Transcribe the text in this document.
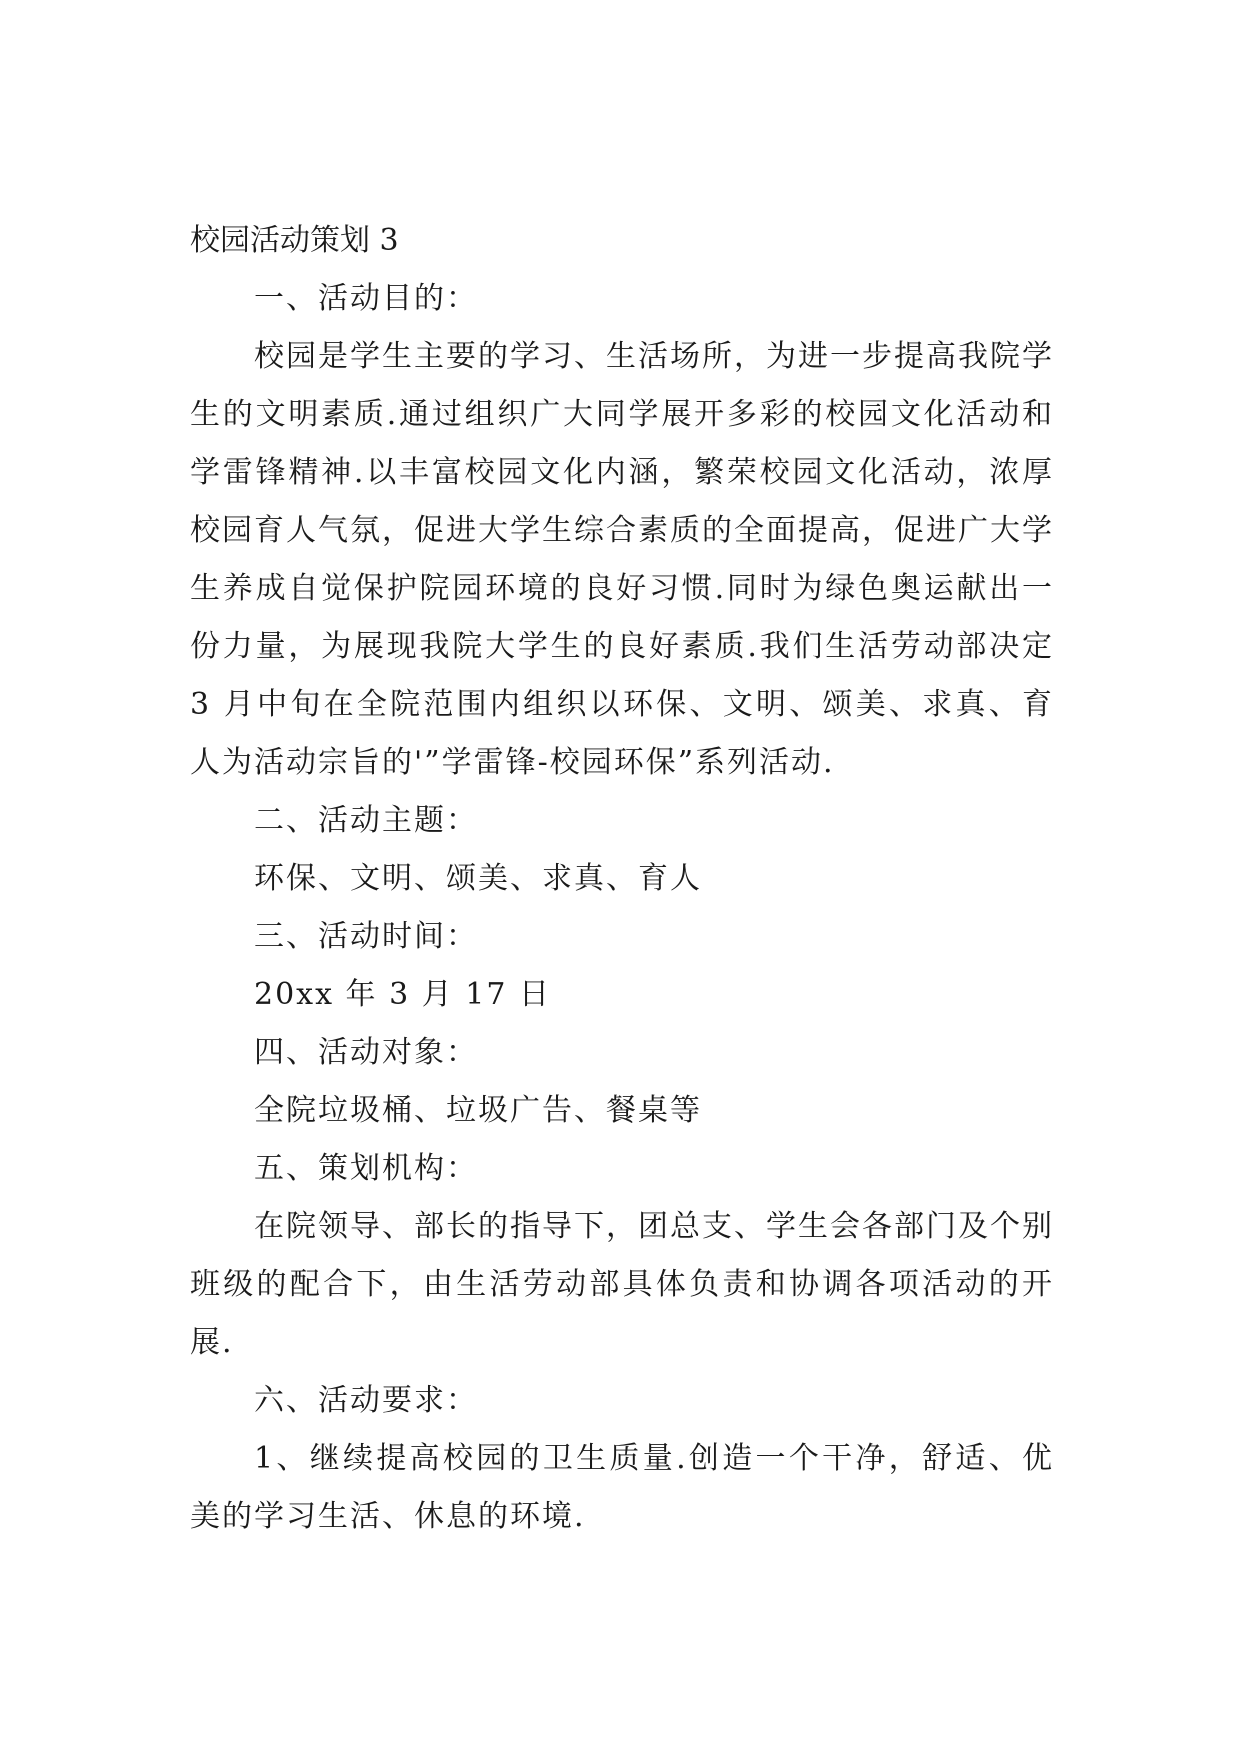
校园活动策划 3

一、活动目的：

校园是学生主要的学习、生活场所，为进一步提高我院学生的文明素质.通过组织广大同学展开多彩的校园文化活动和学雷锋精神.以丰富校园文化内涵，繁荣校园文化活动，浓厚校园育人气氛，促进大学生综合素质的全面提高，促进广大学生养成自觉保护院园环境的良好习惯.同时为绿色奥运献出一份力量，为展现我院大学生的良好素质.我们生活劳动部决定 3 月中旬在全院范围内组织以环保、文明、颂美、求真、育人为活动宗旨的'”学雷锋-校园环保”系列活动.

二、活动主题：

环保、文明、颂美、求真、育人

三、活动时间：

20xx 年 3 月 17 日

四、活动对象：

全院垃圾桶、垃圾广告、餐桌等

五、策划机构：

在院领导、部长的指导下，团总支、学生会各部门及个别班级的配合下，由生活劳动部具体负责和协调各项活动的开展.

六、活动要求：

1、继续提高校园的卫生质量.创造一个干净，舒适、优美的学习生活、休息的环境.
